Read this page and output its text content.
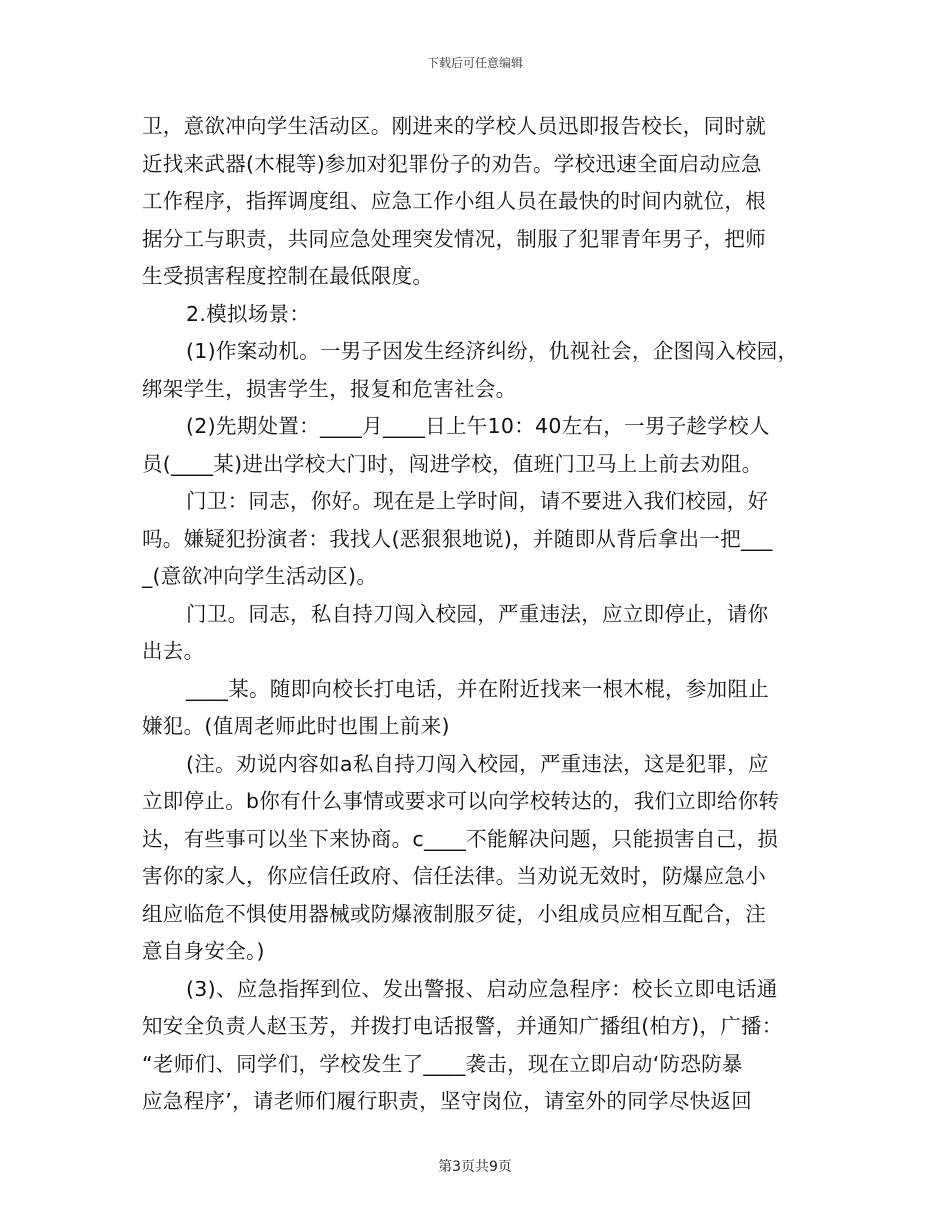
下载后可任意编辑
卫，意欲冲向学生活动区。刚进来的学校人员迅即报告校长，同时就
近找来武器(木棍等)参加对犯罪份子的劝告。学校迅速全面启动应急
工作程序，指挥调度组、应急工作小组人员在最快的时间内就位，根
据分工与职责，共同应急处理突发情况，制服了犯罪青年男子，把师
生受损害程度控制在最低限度。
2.模拟场景：
(1)作案动机。一男子因发生经济纠纷，仇视社会，企图闯入校园，
绑架学生，损害学生，报复和危害社会。
(2)先期处置：____月____日上午10：40左右，一男子趁学校人
员(____某)进出学校大门时，闯进学校，值班门卫马上上前去劝阻。
门卫：同志，你好。现在是上学时间，请不要进入我们校园，好
吗。嫌疑犯扮演者：我找人(恶狠狠地说)，并随即从背后拿出一把___
_(意欲冲向学生活动区)。
门卫。同志，私自持刀闯入校园，严重违法，应立即停止，请你
出去。
____某。随即向校长打电话，并在附近找来一根木棍，参加阻止
嫌犯。(值周老师此时也围上前来)
(注。劝说内容如a私自持刀闯入校园，严重违法，这是犯罪，应
立即停止。b你有什么事情或要求可以向学校转达的，我们立即给你转
达，有些事可以坐下来协商。c____不能解决问题，只能损害自己，损
害你的家人，你应信任政府、信任法律。当劝说无效时，防爆应急小
组应临危不惧使用器械或防爆液制服歹徒，小组成员应相互配合，注
意自身安全。)
(3)、应急指挥到位、发出警报、启动应急程序：校长立即电话通
知安全负责人赵玉芳，并拨打电话报警，并通知广播组(柏方)，广播：
“老师们、同学们，学校发生了____袭击，现在立即启动‘防恐防暴
应急程序’，请老师们履行职责，坚守岗位，请室外的同学尽快返回
第3页共9页
